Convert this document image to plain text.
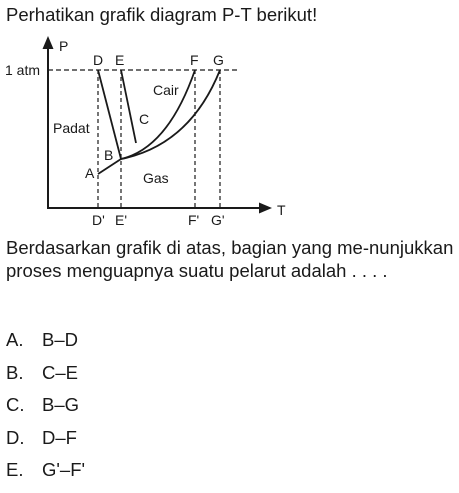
Perhatikan grafik diagram P-T berikut!
P
T
1 atm
D E	F G
C
B
A
Padat
Cair
Gas
D' E'	F' G'

Berdasarkan grafik di atas, bagian yang me-nunjukkan proses menguapnya suatu pelarut adalah . . . .

A.	B–D
B.	C–E
C. B–G
D. D–F
E.	G'–F'
